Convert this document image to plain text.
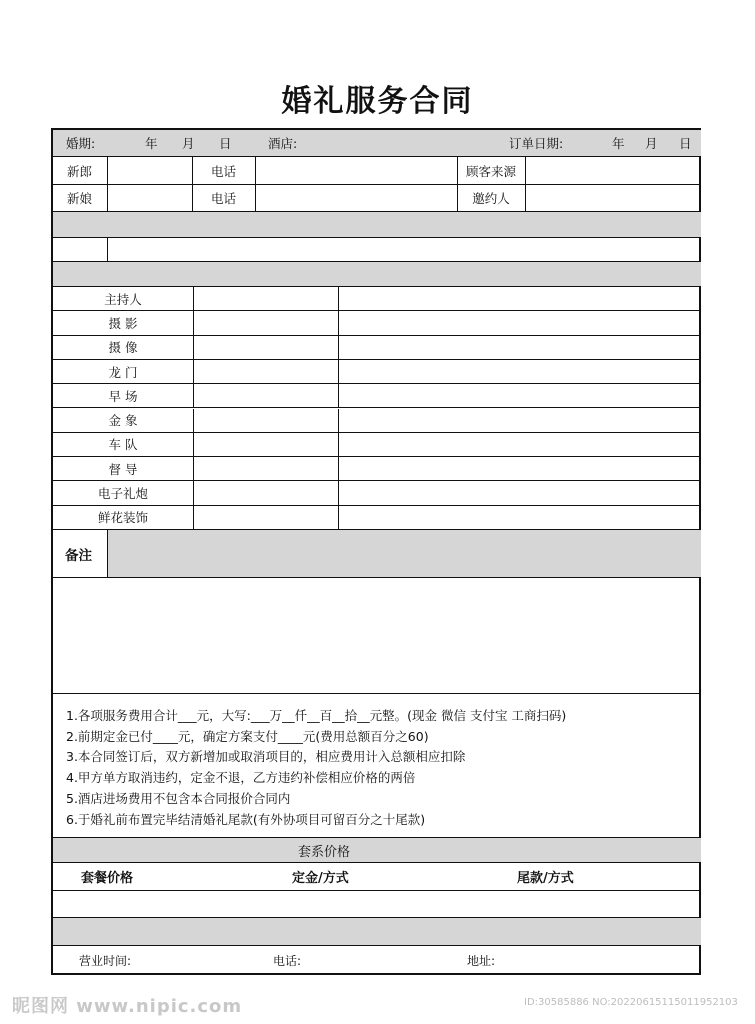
婚礼服务合同
婚期:	年 月 日	酒店:	订单日期:	年 月 日
新郎	电话	顾客来源
新娘	电话	邀约人
主持人
摄 影
摄 像
龙 门
早 场
金 象
车 队
督 导
电子礼炮
鲜花装饰
备注
1.各项服务费用合计___元，大写:___万__仟__百__拾__元整。(现金 微信 支付宝 工商扫码)
2.前期定金已付____元，确定方案支付____元(费用总额百分之60)
3.本合同签订后，双方新增加或取消项目的，相应费用计入总额相应扣除
4.甲方单方取消违约，定金不退，乙方违约补偿相应价格的两倍
5.酒店进场费用不包含本合同报价合同内
6.于婚礼前布置完毕结清婚礼尾款(有外协项目可留百分之十尾款)
套系价格
套餐价格	定金/方式	尾款/方式
营业时间:	电话:	地址:
昵图网 www.nipic.com	ID:30585886 NO:20220615115011952103
